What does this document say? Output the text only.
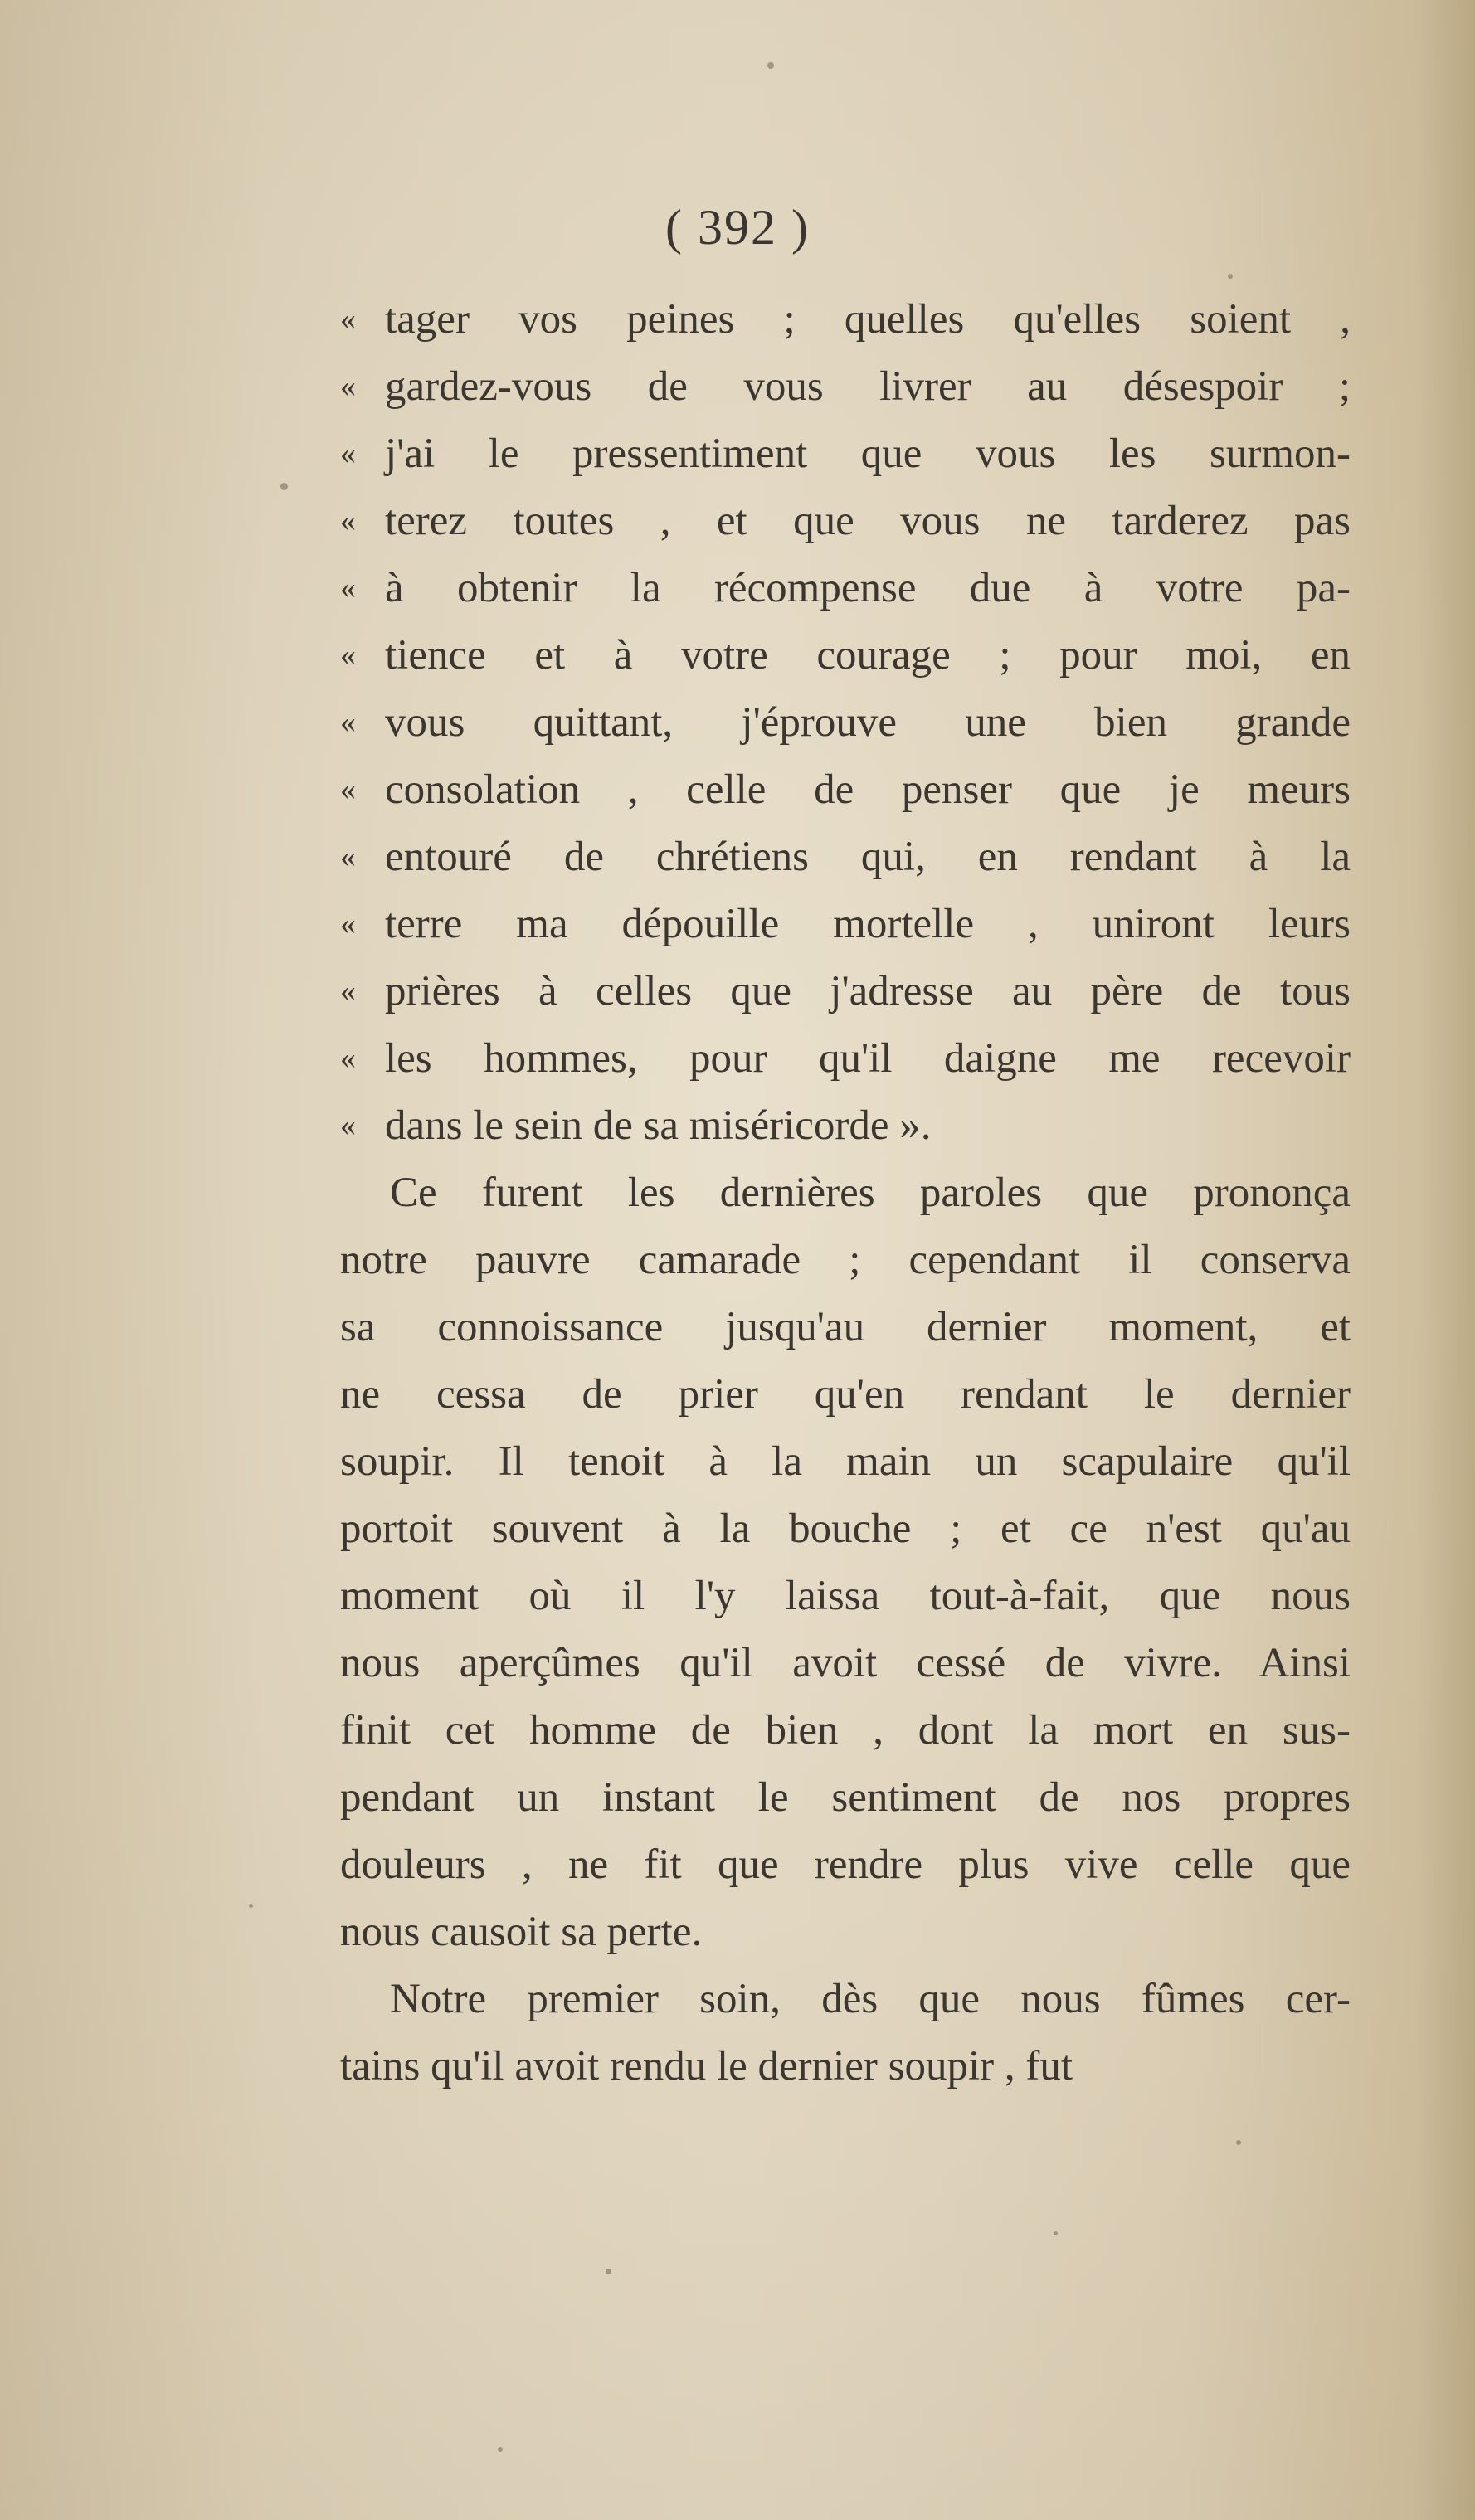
( 392 )
« tager vos peines ; quelles qu'elles soient ,
« gardez-vous de vous livrer au désespoir ;
« j'ai le pressentiment que vous les surmon-
« terez toutes , et que vous ne tarderez pas
« à obtenir la récompense due à votre pa-
« tience et à votre courage ; pour moi, en
« vous quittant, j'éprouve une bien grande
« consolation , celle de penser que je meurs
« entouré de chrétiens qui, en rendant à la
« terre ma dépouille mortelle , uniront leurs
« prières à celles que j'adresse au père de tous
« les hommes, pour qu'il daigne me recevoir
« dans le sein de sa miséricorde ».
Ce furent les dernières paroles que prononça
notre pauvre camarade ; cependant il conserva
sa connoissance jusqu'au dernier moment, et
ne cessa de prier qu'en rendant le dernier
soupir. Il tenoit à la main un scapulaire qu'il
portoit souvent à la bouche ; et ce n'est qu'au
moment où il l'y laissa tout-à-fait, que nous
nous aperçûmes qu'il avoit cessé de vivre. Ainsi
finit cet homme de bien , dont la mort en sus-
pendant un instant le sentiment de nos propres
douleurs , ne fit que rendre plus vive celle que
nous causoit sa perte.
Notre premier soin, dès que nous fûmes cer-
tains qu'il avoit rendu le dernier soupir , fut
